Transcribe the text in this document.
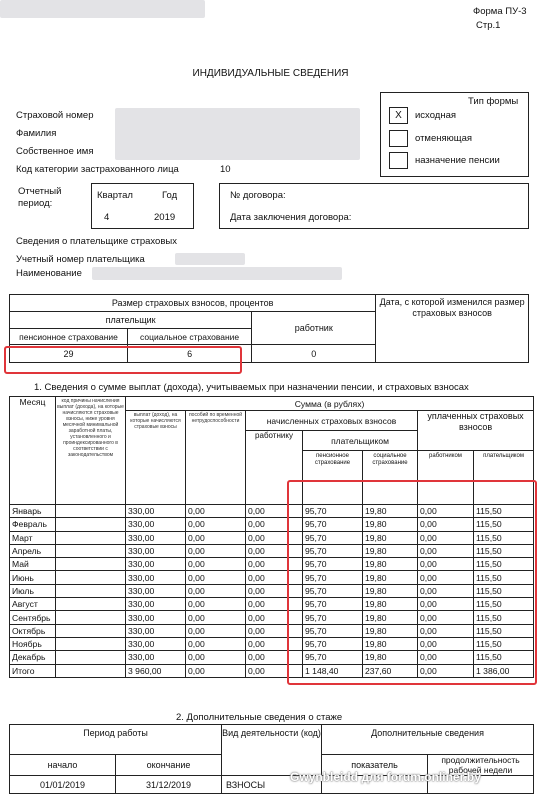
Форма ПУ-3
Стр.1
ИНДИВИДУАЛЬНЫЕ СВЕДЕНИЯ
Страховой номер
Фамилия
Собственное имя
Код категории застрахованного лица	10
Тип формы
X	исходная
отменяющая
назначение пенсии
Отчетный период:
Квартал	Год
4	2019
№ договора:
Дата заключения договора:
Сведения о плательщике страховых
Учетный номер плательщика
Наименование
Размер страховых взносов, процентов			Дата, с которой изменился размер страховых взносов
плательщик		работник	
пенсионное страхование	социальное страхование		
29	6	0	
1. Сведения о сумме выплат (дохода), учитываемых при назначении пенсии, и страховых взносах
Месяц	код причины начисления выплат (дохода), на которые начисляются страховые взносы, ниже уровня месячной минимальной заработной платы, установленного и проиндексированного в соответствии с законодательством	Сумма (в рублях)						

		выплат (доход), на которые начисляются страховые взносы	пособий по временной нетрудоспособности	начисленных страховых взносов			уплаченных страховых взносов	
				работнику	плательщиком			

					пенсионное страхование	социальное страхование	работником	плательщиком

Январь		330,00	0,00	0,00	95,70	19,80	0,00	115,50
Февраль		330,00	0,00	0,00	95,70	19,80	0,00	115,50
Март		330,00	0,00	0,00	95,70	19,80	0,00	115,50
Апрель		330,00	0,00	0,00	95,70	19,80	0,00	115,50
Май		330,00	0,00	0,00	95,70	19,80	0,00	115,50
Июнь		330,00	0,00	0,00	95,70	19,80	0,00	115,50
Июль		330,00	0,00	0,00	95,70	19,80	0,00	115,50
Август		330,00	0,00	0,00	95,70	19,80	0,00	115,50
Сентябрь		330,00	0,00	0,00	95,70	19,80	0,00	115,50
Октябрь		330,00	0,00	0,00	95,70	19,80	0,00	115,50
Ноябрь		330,00	0,00	0,00	95,70	19,80	0,00	115,50
Декабрь		330,00	0,00	0,00	95,70	19,80	0,00	115,50
Итого		3 960,00	0,00	0,00	1 148,40	237,60	0,00	1 386,00
2. Дополнительные сведения о стаже
Период работы		Вид деятельности (код)	Дополнительные сведения	
начало	окончание		показатель	продолжительность рабочей недели
01/01/2019	31/12/2019	ВЗНОСЫ		
Gwynbleidd для forum.onliner.by
